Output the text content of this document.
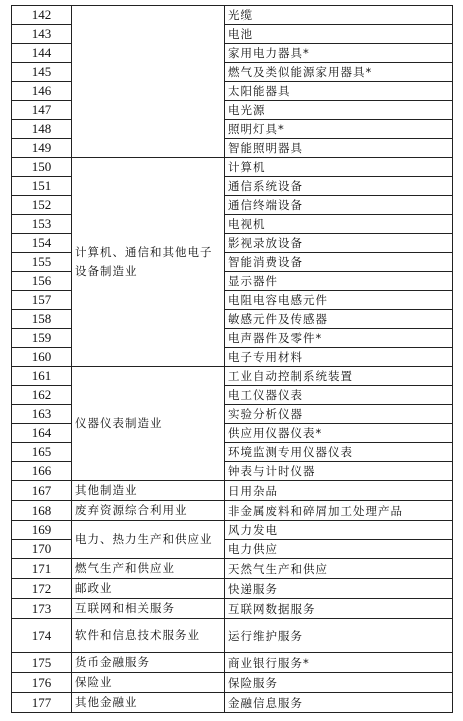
142		光缆
143		电池
144		家用电力器具*
145		燃气及类似能源家用器具*
146		太阳能器具
147		电光源
148		照明灯具*
149		智能照明器具
150	计算机、通信和其他电子设备制造业	计算机
151		通信系统设备
152		通信终端设备
153		电视机
154		影视录放设备
155		智能消费设备
156		显示器件
157		电阻电容电感元件
158		敏感元件及传感器
159		电声器件及零件*
160		电子专用材料
161	仪器仪表制造业	工业自动控制系统装置
162		电工仪器仪表
163		实验分析仪器
164		供应用仪器仪表*
165		环境监测专用仪器仪表
166		钟表与计时仪器
167	其他制造业	日用杂品
168	废弃资源综合利用业	非金属废料和碎屑加工处理产品
169	电力、热力生产和供应业	风力发电
170		电力供应
171	燃气生产和供应业	天然气生产和供应
172	邮政业	快递服务
173	互联网和相关服务	互联网数据服务
174	软件和信息技术服务业	运行维护服务
175	货币金融服务	商业银行服务*
176	保险业	保险服务
177	其他金融业	金融信息服务
